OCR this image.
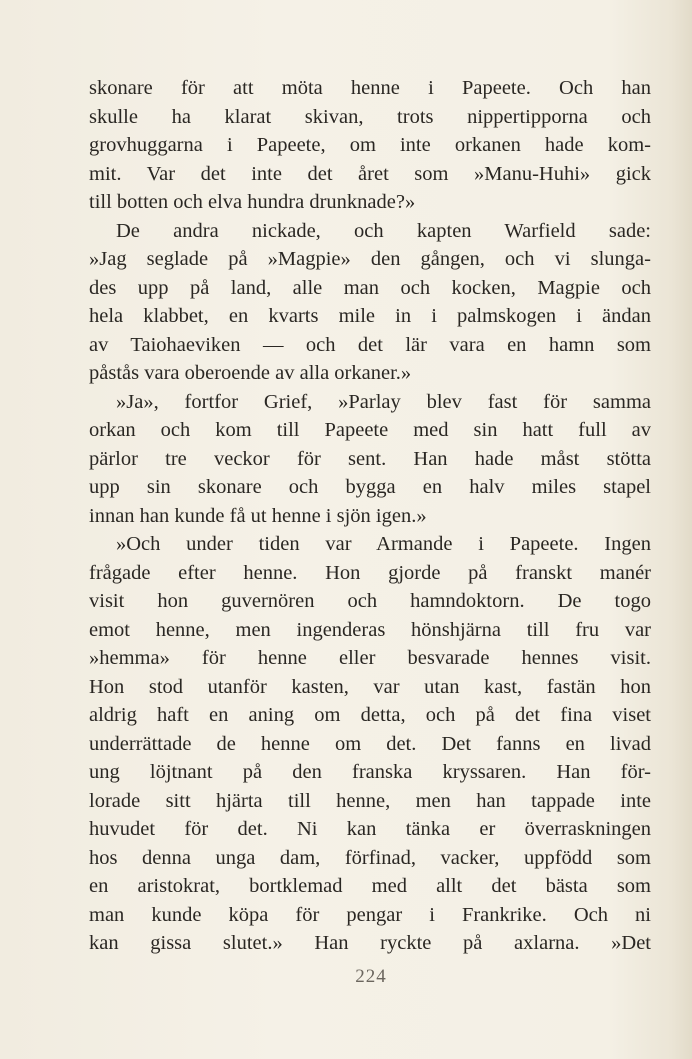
skonare för att möta henne i Papeete. Och han
skulle ha klarat skivan, trots nippertipporna och
grovhuggarna i Papeete, om inte orkanen hade kom-
mit. Var det inte det året som »Manu-Huhi» gick
till botten och elva hundra drunknade?»
De andra nickade, och kapten Warfield sade:
»Jag seglade på »Magpie» den gången, och vi slunga-
des upp på land, alle man och kocken, Magpie och
hela klabbet, en kvarts mile in i palmskogen i ändan
av Taiohaeviken — och det lär vara en hamn som
påstås vara oberoende av alla orkaner.»
»Ja», fortfor Grief, »Parlay blev fast för samma
orkan och kom till Papeete med sin hatt full av
pärlor tre veckor för sent. Han hade måst stötta
upp sin skonare och bygga en halv miles stapel
innan han kunde få ut henne i sjön igen.»
»Och under tiden var Armande i Papeete. Ingen
frågade efter henne. Hon gjorde på franskt manér
visit hon guvernören och hamndoktorn. De togo
emot henne, men ingenderas hönshjärna till fru var
»hemma» för henne eller besvarade hennes visit.
Hon stod utanför kasten, var utan kast, fastän hon
aldrig haft en aning om detta, och på det fina viset
underrättade de henne om det. Det fanns en livad
ung löjtnant på den franska kryssaren. Han för-
lorade sitt hjärta till henne, men han tappade inte
huvudet för det. Ni kan tänka er överraskningen
hos denna unga dam, förfinad, vacker, uppfödd som
en aristokrat, bortklemad med allt det bästa som
man kunde köpa för pengar i Frankrike. Och ni
kan gissa slutet.» Han ryckte på axlarna. »Det
224
